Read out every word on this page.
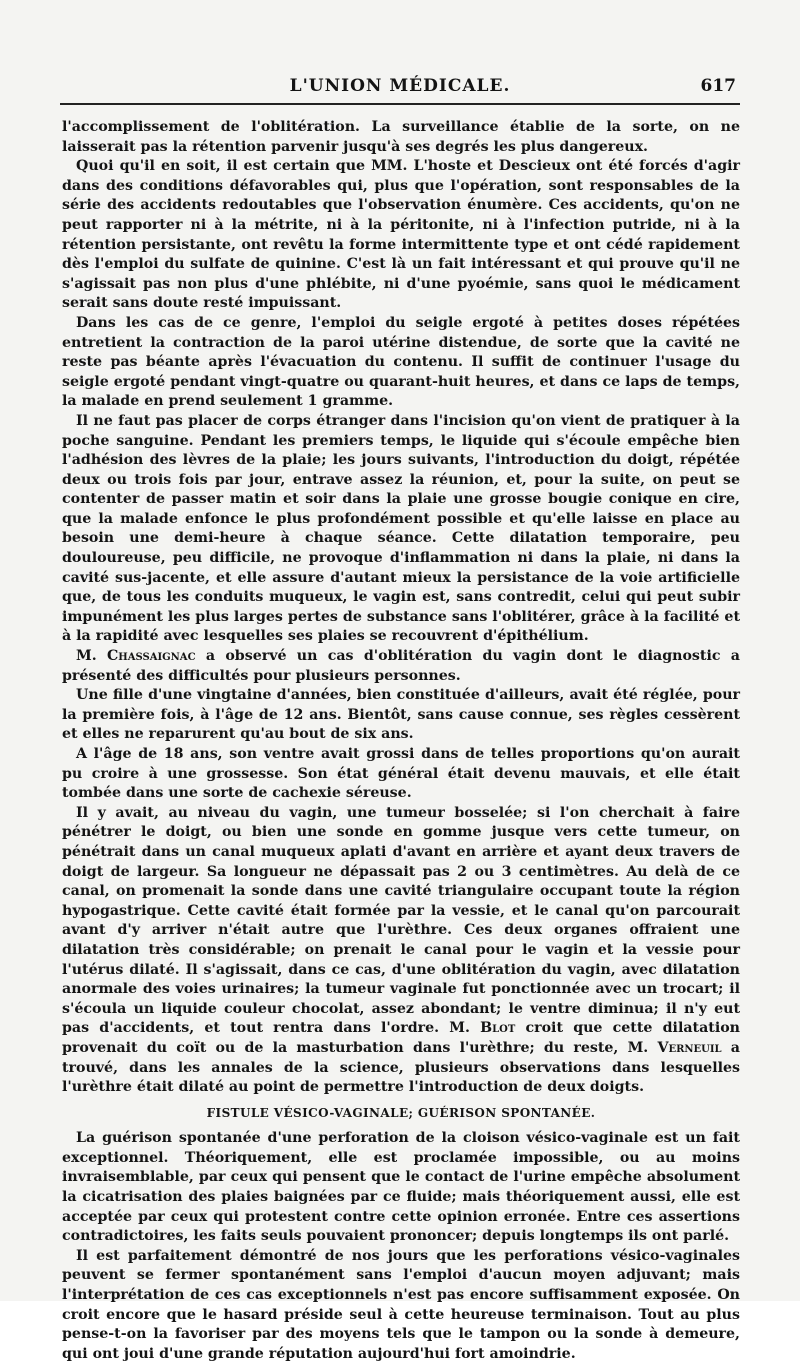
L'UNION MÉDICALE.	617

l'accomplissement de l'oblitération. La surveillance établie de la sorte, on ne laisserait pas la rétention parvenir jusqu'à ses degrés les plus dangereux.

Quoi qu'il en soit, il est certain que MM. L'hoste et Descieux ont été forcés d'agir dans des conditions défavorables qui, plus que l'opération, sont responsables de la série des accidents redoutables que l'observation énumère. Ces accidents, qu'on ne peut rapporter ni à la métrite, ni à la péritonite, ni à l'infection putride, ni à la rétention persistante, ont revêtu la forme intermittente type et ont cédé rapidement dès l'emploi du sulfate de quinine. C'est là un fait intéressant et qui prouve qu'il ne s'agissait pas non plus d'une phlébite, ni d'une pyoémie, sans quoi le médicament serait sans doute resté impuissant.

Dans les cas de ce genre, l'emploi du seigle ergoté à petites doses répétées entretient la contraction de la paroi utérine distendue, de sorte que la cavité ne reste pas béante après l'évacuation du contenu. Il suffit de continuer l'usage du seigle ergoté pendant vingt-quatre ou quarant-huit heures, et dans ce laps de temps, la malade en prend seulement 1 gramme.

Il ne faut pas placer de corps étranger dans l'incision qu'on vient de pratiquer à la poche sanguine. Pendant les premiers temps, le liquide qui s'écoule empêche bien l'adhésion des lèvres de la plaie; les jours suivants, l'introduction du doigt, répétée deux ou trois fois par jour, entrave assez la réunion, et, pour la suite, on peut se contenter de passer matin et soir dans la plaie une grosse bougie conique en cire, que la malade enfonce le plus profondément possible et qu'elle laisse en place au besoin une demi-heure à chaque séance. Cette dilatation temporaire, peu douloureuse, peu difficile, ne provoque d'inflammation ni dans la plaie, ni dans la cavité sus-jacente, et elle assure d'autant mieux la persistance de la voie artificielle que, de tous les conduits muqueux, le vagin est, sans contredit, celui qui peut subir impunément les plus larges pertes de substance sans l'oblitérer, grâce à la facilité et à la rapidité avec lesquelles ses plaies se recouvrent d'épithélium.

M. Chassaignac a observé un cas d'oblitération du vagin dont le diagnostic a présenté des difficultés pour plusieurs personnes.

Une fille d'une vingtaine d'années, bien constituée d'ailleurs, avait été réglée, pour la première fois, à l'âge de 12 ans. Bientôt, sans cause connue, ses règles cessèrent et elles ne reparurent qu'au bout de six ans.

A l'âge de 18 ans, son ventre avait grossi dans de telles proportions qu'on aurait pu croire à une grossesse. Son état général était devenu mauvais, et elle était tombée dans une sorte de cachexie séreuse.

Il y avait, au niveau du vagin, une tumeur bosselée; si l'on cherchait à faire pénétrer le doigt, ou bien une sonde en gomme jusque vers cette tumeur, on pénétrait dans un canal muqueux aplati d'avant en arrière et ayant deux travers de doigt de largeur. Sa longueur ne dépassait pas 2 ou 3 centimètres. Au delà de ce canal, on promenait la sonde dans une cavité triangulaire occupant toute la région hypogastrique. Cette cavité était formée par la vessie, et le canal qu'on parcourait avant d'y arriver n'était autre que l'urèthre. Ces deux organes offraient une dilatation très considérable; on prenait le canal pour le vagin et la vessie pour l'utérus dilaté. Il s'agissait, dans ce cas, d'une oblitération du vagin, avec dilatation anormale des voies urinaires; la tumeur vaginale fut ponctionnée avec un trocart; il s'écoula un liquide couleur chocolat, assez abondant; le ventre diminua; il n'y eut pas d'accidents, et tout rentra dans l'ordre. M. Blot croit que cette dilatation provenait du coït ou de la masturbation dans l'urèthre; du reste, M. Verneuil a trouvé, dans les annales de la science, plusieurs observations dans lesquelles l'urèthre était dilaté au point de permettre l'introduction de deux doigts.

FISTULE VÉSICO-VAGINALE; GUÉRISON SPONTANÉE.

La guérison spontanée d'une perforation de la cloison vésico-vaginale est un fait exceptionnel. Théoriquement, elle est proclamée impossible, ou au moins invraisemblable, par ceux qui pensent que le contact de l'urine empêche absolument la cicatrisation des plaies baignées par ce fluide; mais théoriquement aussi, elle est acceptée par ceux qui protestent contre cette opinion erronée. Entre ces assertions contradictoires, les faits seuls pouvaient prononcer; depuis longtemps ils ont parlé.

Il est parfaitement démontré de nos jours que les perforations vésico-vaginales peuvent se fermer spontanément sans l'emploi d'aucun moyen adjuvant; mais l'interprétation de ces cas exceptionnels n'est pas encore suffisamment exposée. On croit encore que le hasard préside seul à cette heureuse terminaison. Tout au plus pense-t-on la favoriser par des moyens tels que le tampon ou la sonde à demeure, qui ont joui d'une grande réputation aujourd'hui fort amoindrie.
